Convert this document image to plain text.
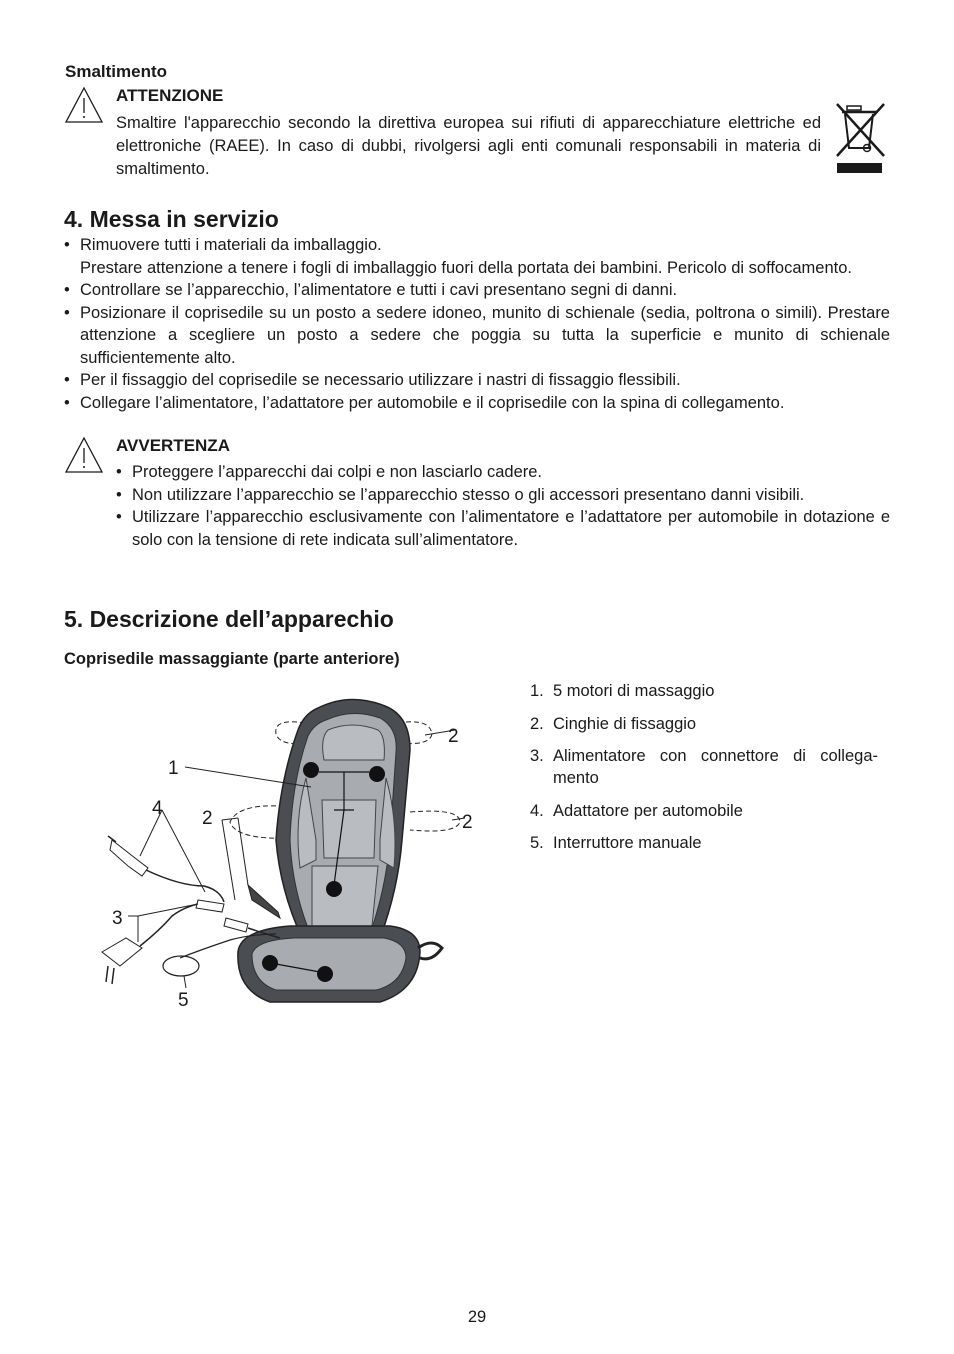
Smaltimento
ATTENZIONE
Smaltire l'apparecchio secondo la direttiva europea sui rifiuti di apparecchiature elettriche ed elettroniche (RAEE). In caso di dubbi, rivolgersi agli enti comunali responsabili in materia di smaltimento.
4. Messa in servizio
• Rimuovere tutti i materiali da imballaggio.
Prestare attenzione a tenere i fogli di imballaggio fuori della portata dei bambini. Pericolo di soffocamento.
• Controllare se l’apparecchio, l’alimentatore e tutti i cavi presentano segni di danni.
• Posizionare il coprisedile su un posto a sedere idoneo, munito di schienale (sedia, poltrona o simili). Prestare attenzione a scegliere un posto a sedere che poggia su tutta la superficie e munito di schienale sufficientemente alto.
• Per il fissaggio del coprisedile se necessario utilizzare i nastri di fissaggio flessibili.
• Collegare l’alimentatore, l’adattatore per automobile e il coprisedile con la spina di collegamento.
AVVERTENZA
• Proteggere l’apparecchi dai colpi e non lasciarlo cadere.
• Non utilizzare l’apparecchio se l’apparecchio stesso o gli accessori presentano danni visibili.
• Utilizzare l’apparecchio esclusivamente con l’alimentatore e l’adattatore per automobile in dotazione e solo con la tensione di rete indicata sull’alimentatore.
5. Descrizione dell’apparechio
Coprisedile massaggiante (parte anteriore)
1. 5 motori di massaggio
2. Cinghie di fissaggio
3. Alimentatore con connettore di collega-mento
4. Adattatore per automobile
5. Interruttore manuale
1
2
2	2
4
3
5
29
